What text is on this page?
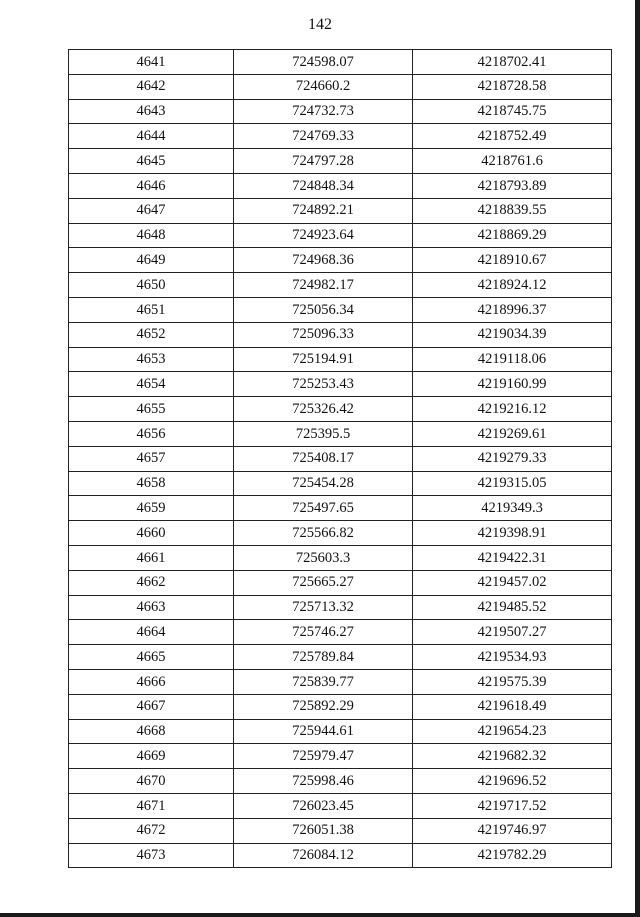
142
4641	724598.07	4218702.41
4642	724660.2	4218728.58
4643	724732.73	4218745.75
4644	724769.33	4218752.49
4645	724797.28	4218761.6
4646	724848.34	4218793.89
4647	724892.21	4218839.55
4648	724923.64	4218869.29
4649	724968.36	4218910.67
4650	724982.17	4218924.12
4651	725056.34	4218996.37
4652	725096.33	4219034.39
4653	725194.91	4219118.06
4654	725253.43	4219160.99
4655	725326.42	4219216.12
4656	725395.5	4219269.61
4657	725408.17	4219279.33
4658	725454.28	4219315.05
4659	725497.65	4219349.3
4660	725566.82	4219398.91
4661	725603.3	4219422.31
4662	725665.27	4219457.02
4663	725713.32	4219485.52
4664	725746.27	4219507.27
4665	725789.84	4219534.93
4666	725839.77	4219575.39
4667	725892.29	4219618.49
4668	725944.61	4219654.23
4669	725979.47	4219682.32
4670	725998.46	4219696.52
4671	726023.45	4219717.52
4672	726051.38	4219746.97
4673	726084.12	4219782.29
